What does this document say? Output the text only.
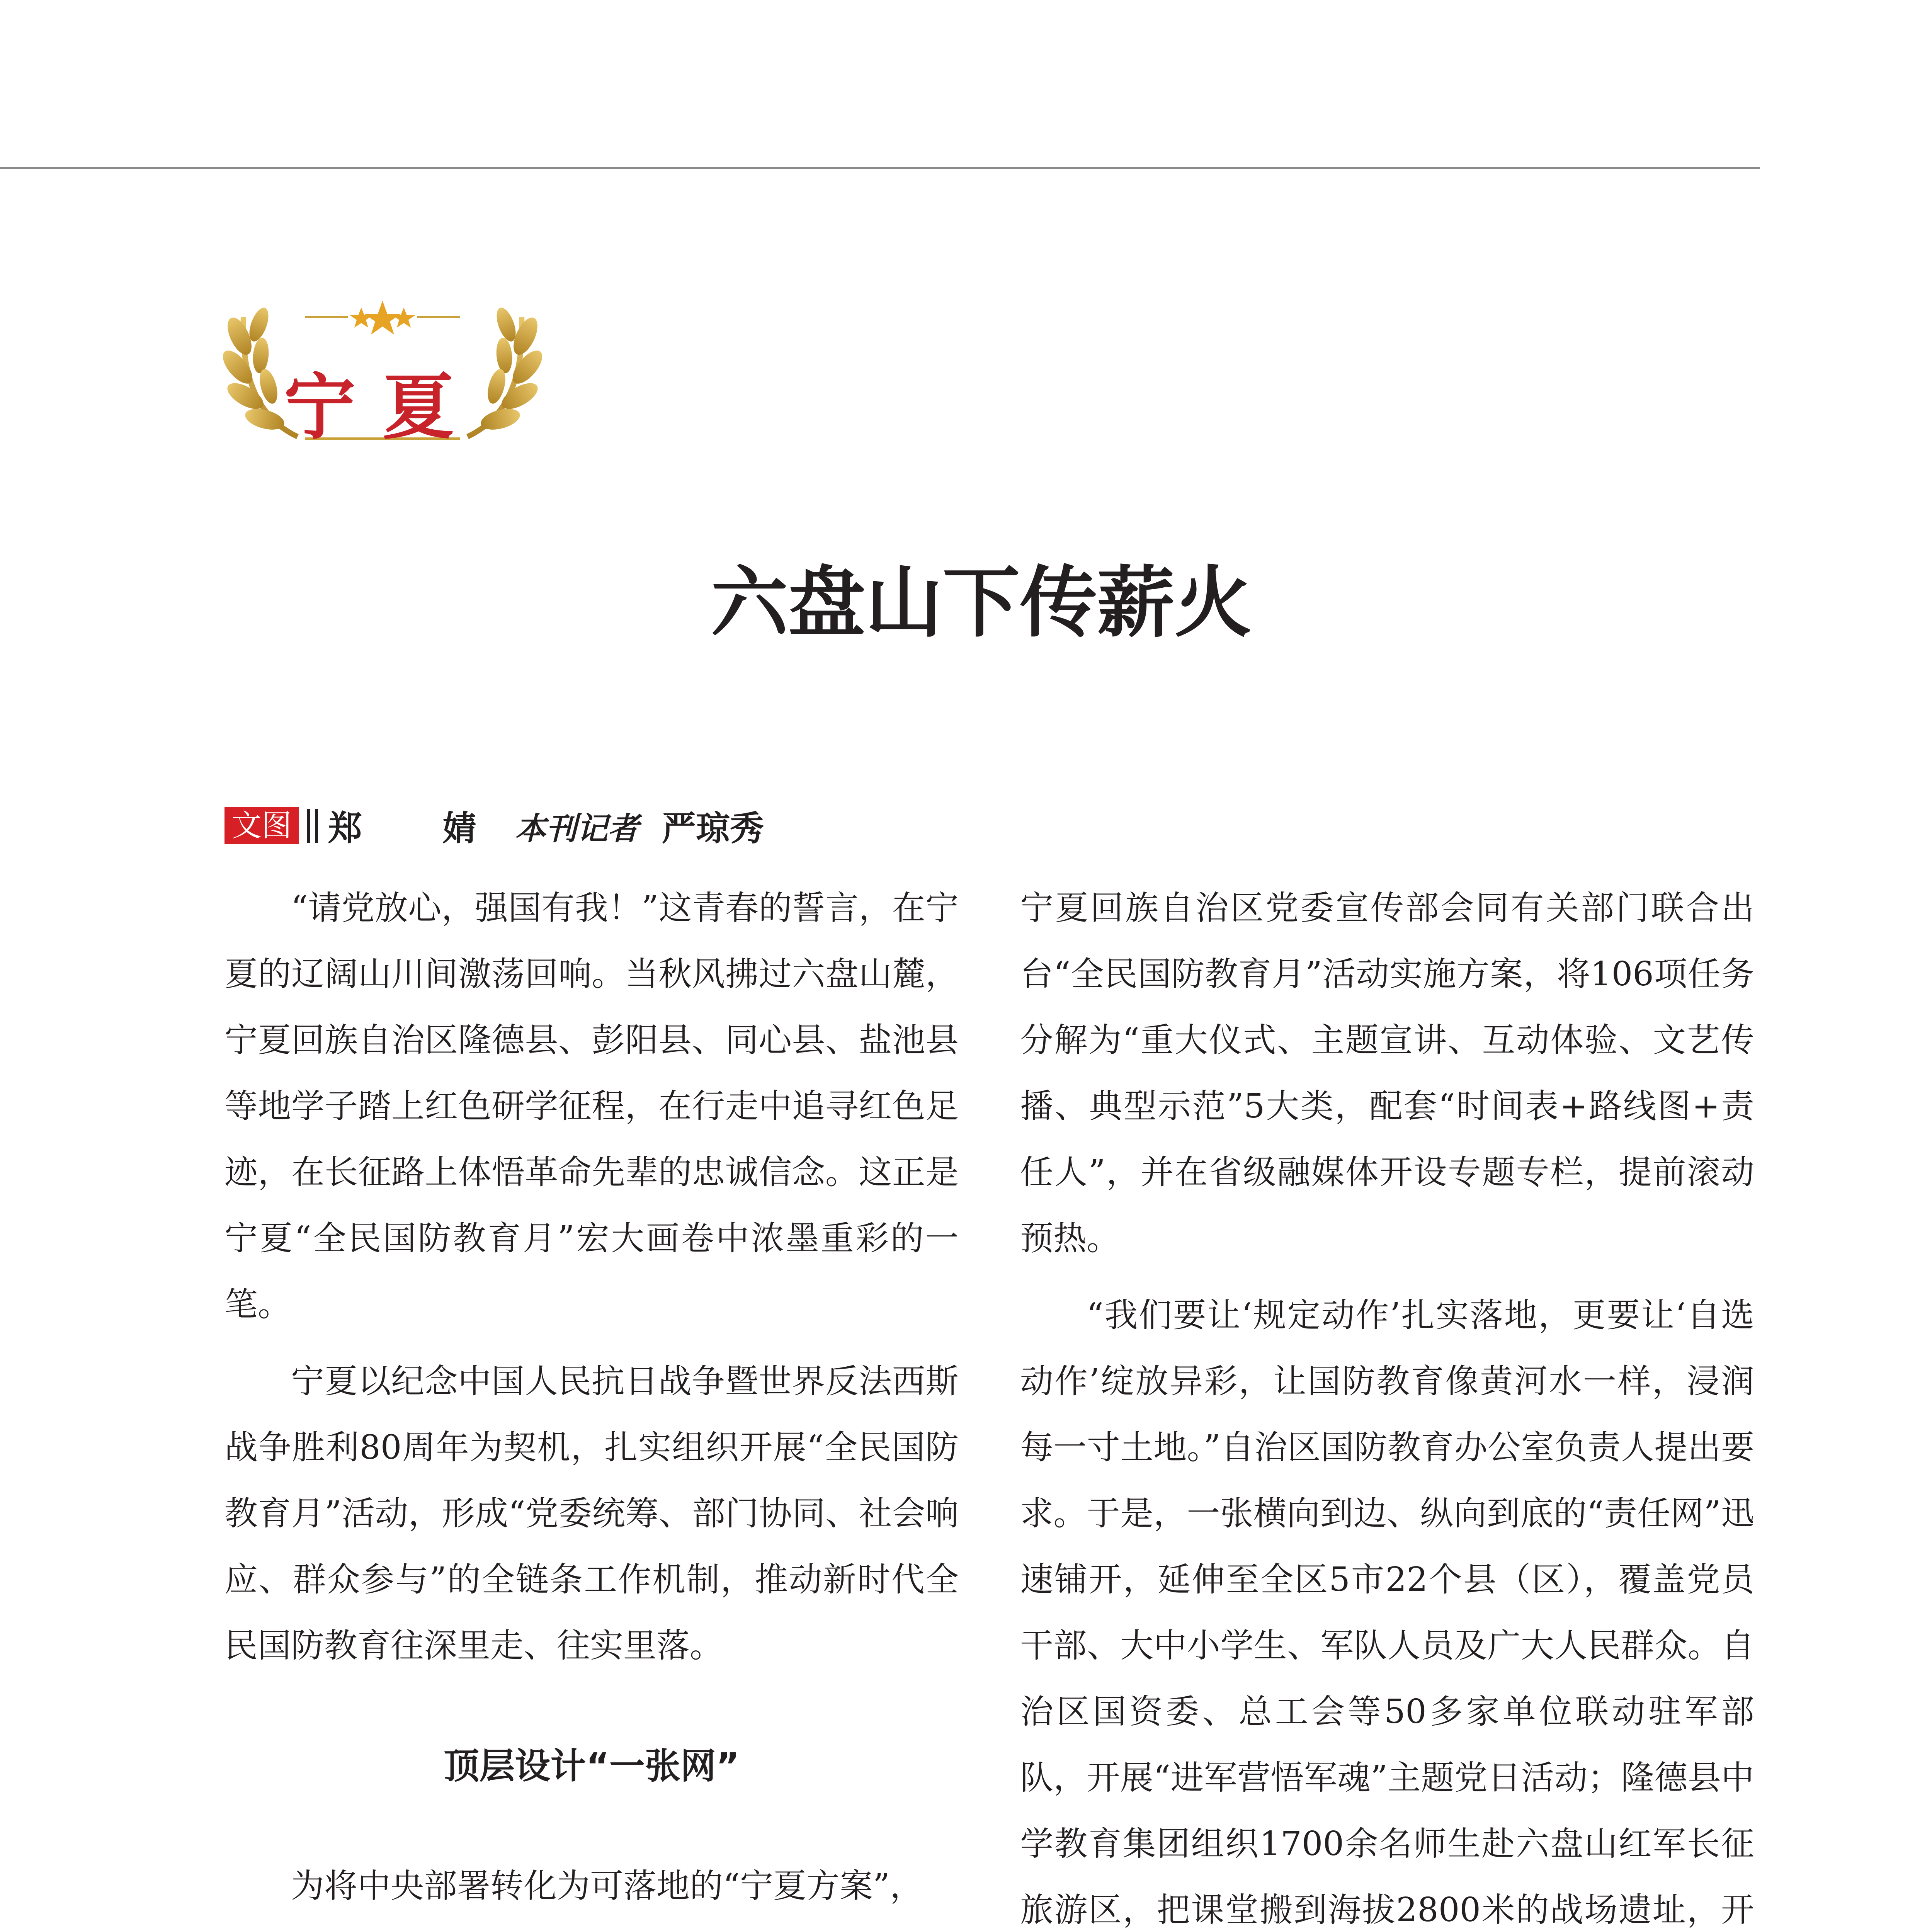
宁夏
六盘山下传薪火
文图 郑　婧 本刊记者 严琼秀

“请党放心，强国有我！”这青春的誓言，在宁夏的辽阔山川间激荡回响。当秋风拂过六盘山麓，宁夏回族自治区隆德县、彭阳县、同心县、盐池县等地学子踏上红色研学征程，在行走中追寻红色足迹，在长征路上体悟革命先辈的忠诚信念。这正是宁夏“全民国防教育月”宏大画卷中浓墨重彩的一笔。

宁夏以纪念中国人民抗日战争暨世界反法西斯战争胜利80周年为契机，扎实组织开展“全民国防教育月”活动，形成“党委统筹、部门协同、社会响应、群众参与”的全链条工作机制，推动新时代全民国防教育往深里走、往实里落。

顶层设计“一张网”

为将中央部署转化为可落地的“宁夏方案”，

宁夏回族自治区党委宣传部会同有关部门联合出台“全民国防教育月”活动实施方案，将106项任务分解为“重大仪式、主题宣讲、互动体验、文艺传播、典型示范”5大类，配套“时间表+路线图+责任人”，并在省级融媒体开设专题专栏，提前滚动预热。

“我们要让‘规定动作’扎实落地，更要让‘自选动作’绽放异彩，让国防教育像黄河水一样，浸润每一寸土地。”自治区国防教育办公室负责人提出要求。于是，一张横向到边、纵向到底的“责任网”迅速铺开，延伸至全区5市22个县（区），覆盖党员干部、大中小学生、军队人员及广大人民群众。自治区国资委、总工会等50多家单位联动驻军部队，开展“进军营悟军魂”主题党日活动；隆德县中学教育集团组织1700余名师生赴六盘山红军长征旅游区，把课堂搬到海拔2800米的战场遗址，开
